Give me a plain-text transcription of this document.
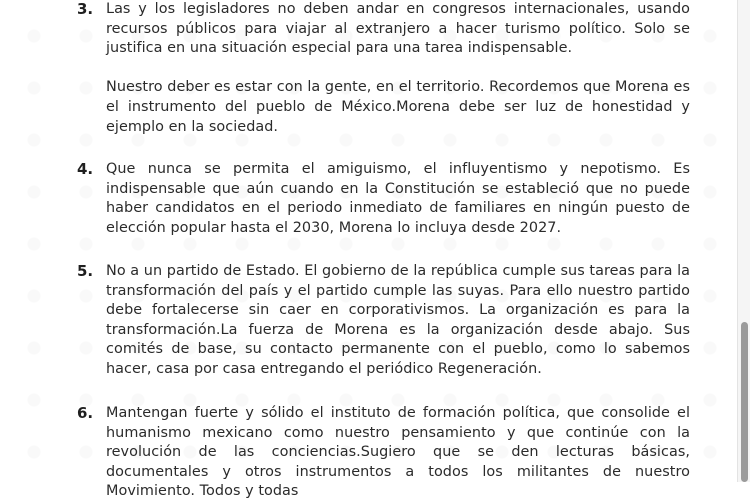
3. Las y los legisladores no deben andar en congresos internacionales, usando recursos públicos para viajar al extranjero a hacer turismo político. Solo se justifica en una situación especial para una tarea indispensable.

Nuestro deber es estar con la gente, en el territorio. Recordemos que Morena es el instrumento del pueblo de México.Morena debe ser luz de honestidad y ejemplo en la sociedad.

4. Que nunca se permita el amiguismo, el influyentismo y nepotismo. Es indispensable que aún cuando en la Constitución se estableció que no puede haber candidatos en el periodo inmediato de familiares en ningún puesto de elección popular hasta el 2030, Morena lo incluya desde 2027.

5. No a un partido de Estado. El gobierno de la república cumple sus tareas para la transformación del país y el partido cumple las suyas. Para ello nuestro partido debe fortalecerse sin caer en corporativismos. La organización es para la transformación.La fuerza de Morena es la organización desde abajo. Sus comités de base, su contacto permanente con el pueblo, como lo sabemos hacer, casa por casa entregando el periódico Regeneración.

6. Mantengan fuerte y sólido el instituto de formación política, que consolide el humanismo mexicano como nuestro pensamiento y que continúe con la revolución de las conciencias.Sugiero que se den lecturas básicas, documentales y otros instrumentos a todos los militantes de nuestro Movimiento. Todos y todas
